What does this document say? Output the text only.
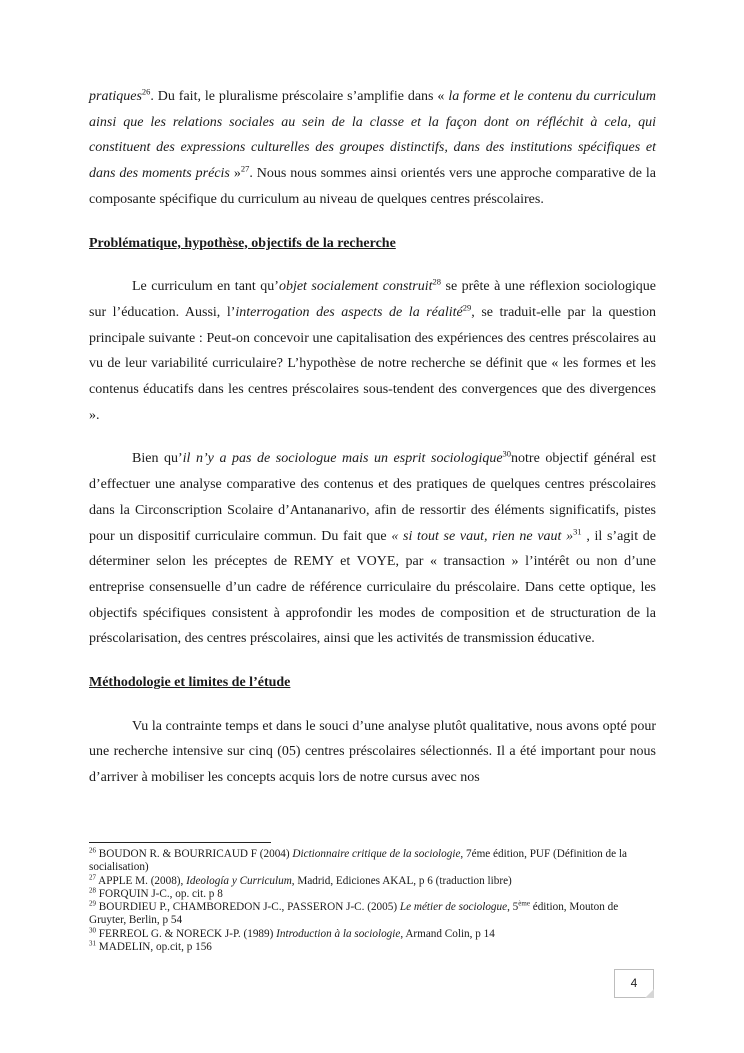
pratiques$^{26}$. Du fait, le pluralisme préscolaire s’amplifie dans « la forme et le contenu du curriculum ainsi que les relations sociales au sein de la classe et la façon dont on réfléchit à cela, qui constituent des expressions culturelles des groupes distinctifs, dans des institutions spécifiques et dans des moments précis »$^{27}$. Nous nous sommes ainsi orientés vers une approche comparative de la composante spécifique du curriculum au niveau de quelques centres préscolaires.

Problématique, hypothèse, objectifs de la recherche

Le curriculum en tant qu’objet socialement construit$^{28}$ se prête à une réflexion sociologique sur l’éducation. Aussi, l’interrogation des aspects de la réalité$^{29}$, se traduit-elle par la question principale suivante : Peut-on concevoir une capitalisation des expériences des centres préscolaires au vu de leur variabilité curriculaire? L’hypothèse de notre recherche se définit que « les formes et les contenus éducatifs dans les centres préscolaires sous-tendent des convergences que des divergences ».

Bien qu’il n’y a pas de sociologue mais un esprit sociologique$^{30}$notre objectif général est d’effectuer une analyse comparative des contenus et des pratiques de quelques centres préscolaires dans la Circonscription Scolaire d’Antananarivo, afin de ressortir des éléments significatifs, pistes pour un dispositif curriculaire commun. Du fait que « si tout se vaut, rien ne vaut »$^{31}$ , il s’agit de déterminer selon les préceptes de REMY et VOYE, par « transaction » l’intérêt ou non d’une entreprise consensuelle d’un cadre de référence curriculaire du préscolaire. Dans cette optique, les objectifs spécifiques consistent à approfondir les modes de composition et de structuration de la préscolarisation, des centres préscolaires, ainsi que les activités de transmission éducative.

Méthodologie et limites de l’étude

Vu la contrainte temps et dans le souci d’une analyse plutôt qualitative, nous avons opté pour une recherche intensive sur cinq (05) centres préscolaires sélectionnés. Il a été important pour nous d’arriver à mobiliser les concepts acquis lors de notre cursus avec nos

$^{26}$ BOUDON R. & BOURRICAUD F (2004) Dictionnaire critique de la sociologie, 7éme édition, PUF (Définition de la socialisation)

$^{27}$ APPLE M. (2008), Ideología y Curriculum, Madrid, Ediciones AKAL, p 6 (traduction libre)

$^{28}$ FORQUIN J-C., op. cit. p 8

$^{29}$ BOURDIEU P., CHAMBOREDON J-C., PASSERON J-C. (2005) Le métier de sociologue, 5ème édition, Mouton de Gruyter, Berlin, p 54

$^{30}$ FERREOL G. & NORECK J-P. (1989) Introduction à la sociologie, Armand Colin, p 14

$^{31}$ MADELIN, op.cit, p 156

4
